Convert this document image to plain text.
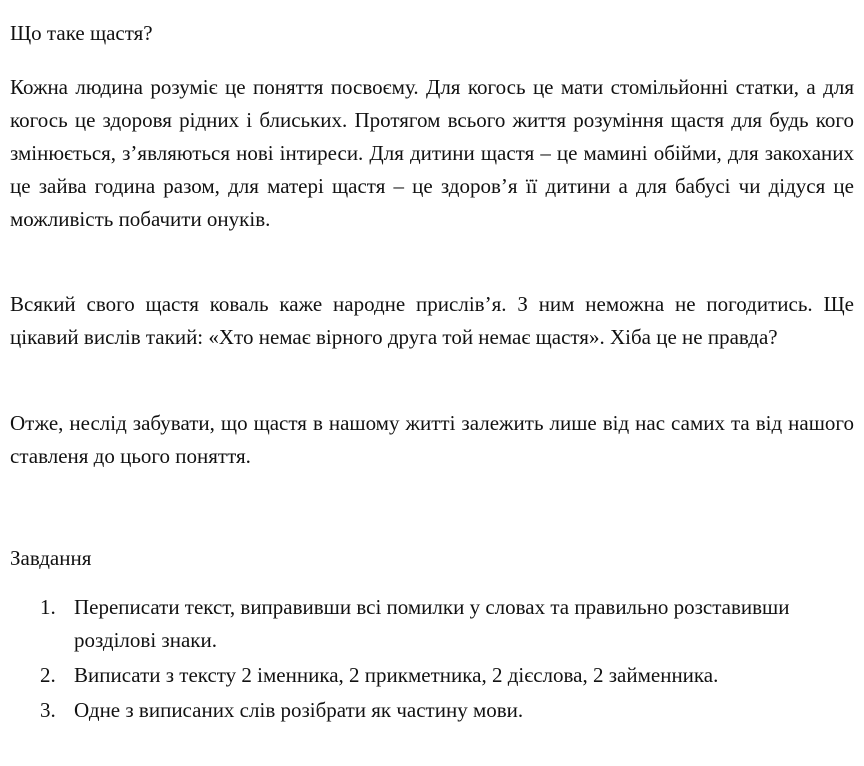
Що таке щастя?

Кожна людина розуміє це поняття посвоєму. Для когось це мати стомільйонні статки, а для когось це здоровя рідних і блиських. Протягом всього життя розуміння щастя для будь кого змінюється, з’являються нові інтиреси. Для дитини щастя – це мамині обійми, для закоханих це зайва година разом, для матері щастя – це здоров’я її дитини а для бабусі чи дідуся це можливість побачити онуків.

Всякий свого щастя коваль каже народне прислів’я. З ним неможна не погодитись. Ще цікавий вислів такий: «Хто немає вірного друга той немає щастя». Хіба це не правда?

Отже, неслід забувати, що щастя в нашому житті залежить лише від нас самих та від нашого ставленя до цього поняття.

Завдання
1. Переписати текст, виправивши всі помилки у словах та правильно розставивши розділові знаки.
2. Виписати з тексту 2 іменника, 2 прикметника, 2 дієслова, 2 займенника.
3. Одне з виписаних слів розібрати як частину мови.
